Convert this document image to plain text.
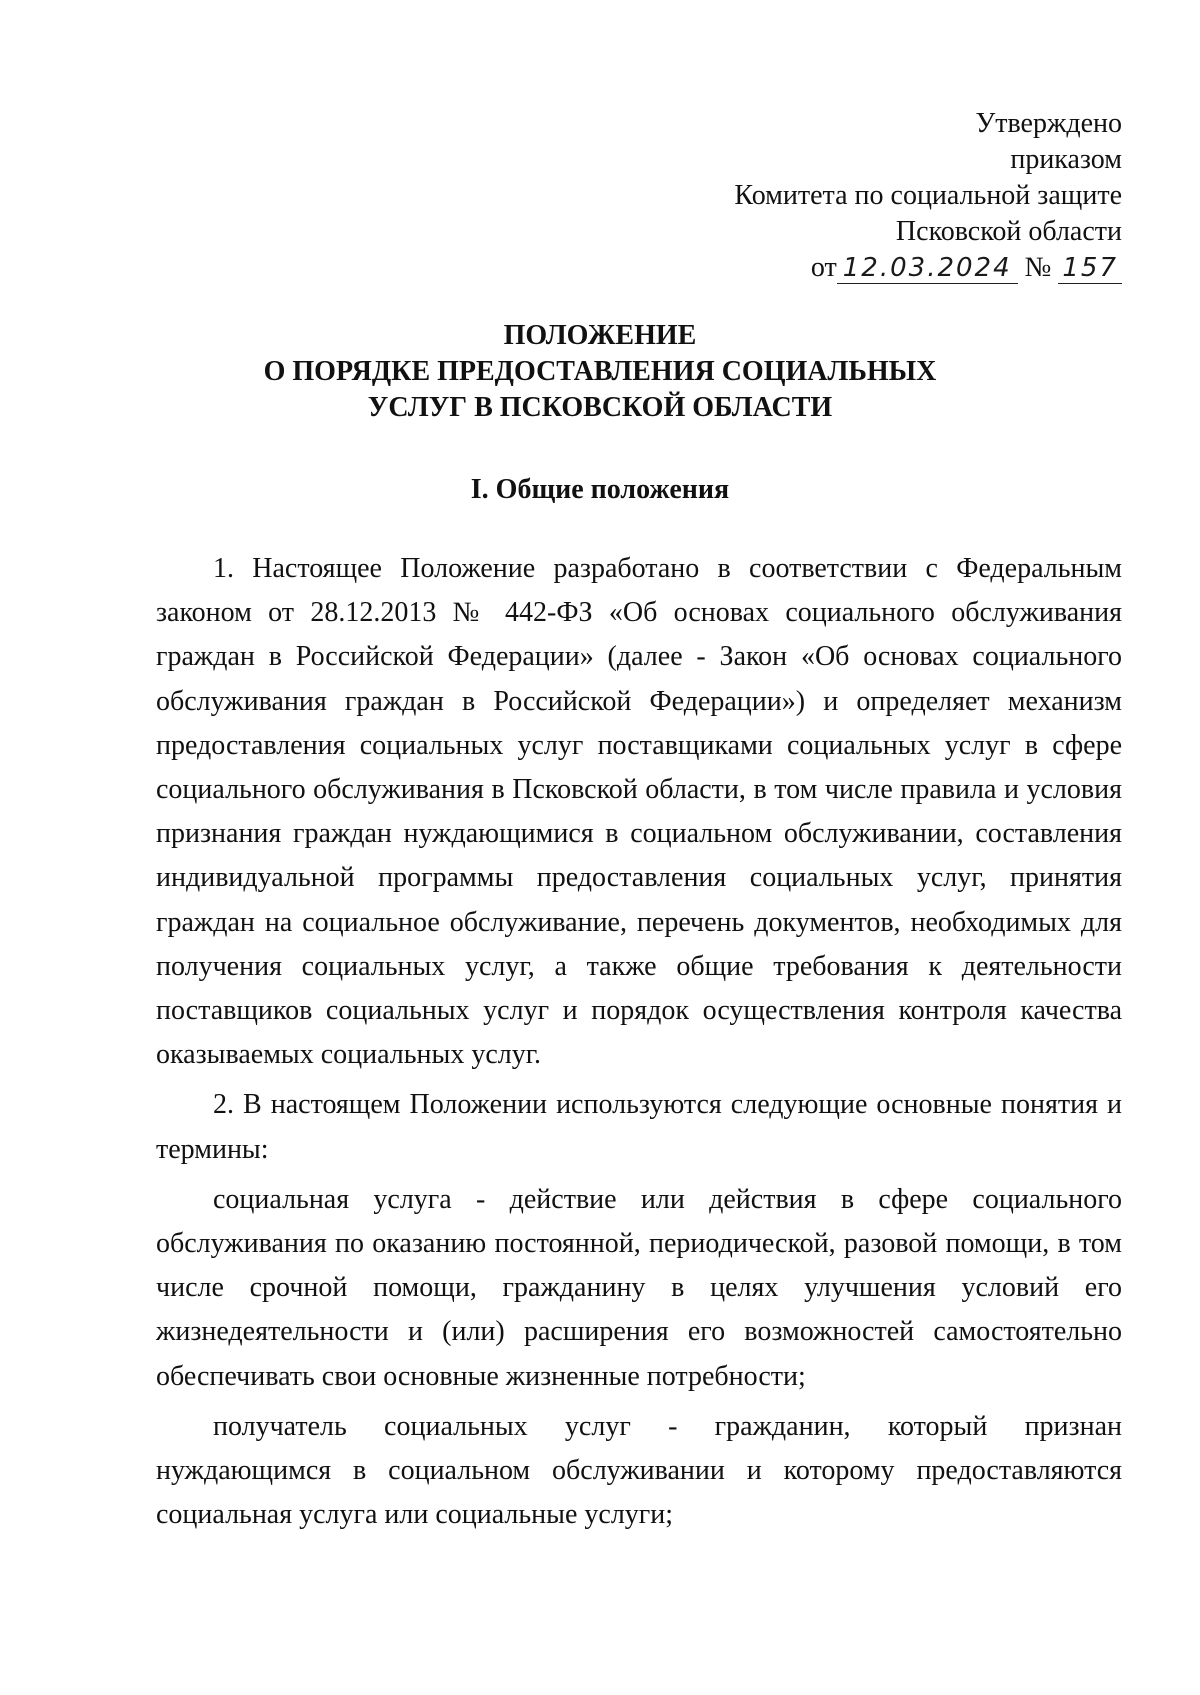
Утверждено
приказом
Комитета по социальной защите
Псковской области
от 12.03.2024 № 157
ПОЛОЖЕНИЕ
О ПОРЯДКЕ ПРЕДОСТАВЛЕНИЯ СОЦИАЛЬНЫХ
УСЛУГ В ПСКОВСКОЙ ОБЛАСТИ
I. Общие положения

1. Настоящее Положение разработано в соответствии с Федеральным законом от 28.12.2013 № 442-ФЗ «Об основах социального обслуживания граждан в Российской Федерации» (далее - Закон «Об основах социального обслуживания граждан в Российской Федерации») и определяет механизм предоставления социальных услуг поставщиками социальных услуг в сфере социального обслуживания в Псковской области, в том числе правила и условия признания граждан нуждающимися в социальном обслуживании, составления индивидуальной программы предоставления социальных услуг, принятия граждан на социальное обслуживание, перечень документов, необходимых для получения социальных услуг, а также общие требования к деятельности поставщиков социальных услуг и порядок осуществления контроля качества оказываемых социальных услуг.

2. В настоящем Положении используются следующие основные понятия и термины:

социальная услуга - действие или действия в сфере социального обслуживания по оказанию постоянной, периодической, разовой помощи, в том числе срочной помощи, гражданину в целях улучшения условий его жизнедеятельности и (или) расширения его возможностей самостоятельно обеспечивать свои основные жизненные потребности;

получатель социальных услуг - гражданин, который признан нуждающимся в социальном обслуживании и которому предоставляются социальная услуга или социальные услуги;
